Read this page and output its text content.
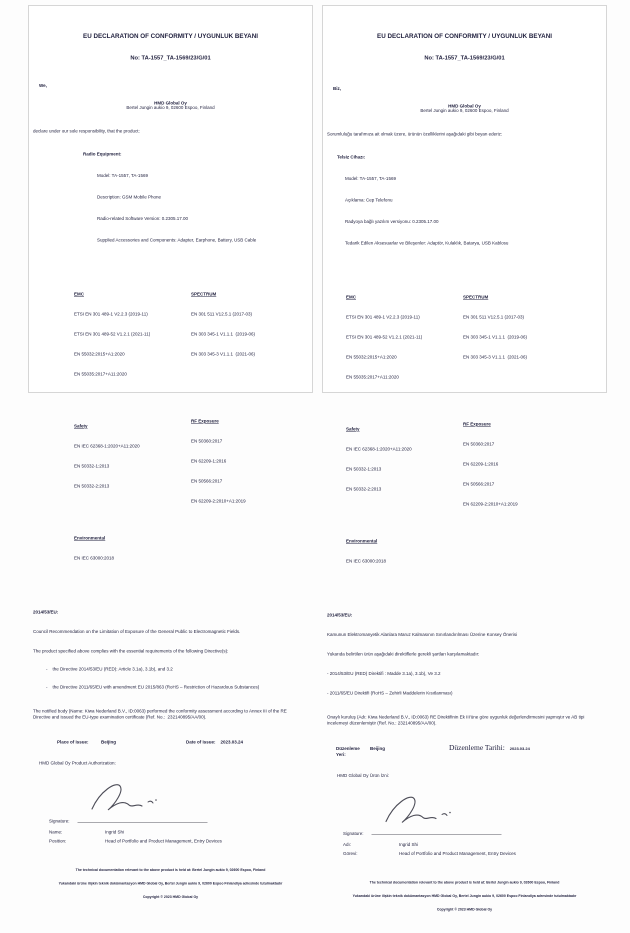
EU DECLARATION OF CONFORMITY / UYGUNLUK BEYANI

No: TA-1557_TA-1569/23/G/01

We,

HMD Global Oy

Bertel Jungin aukio 9, 02600 Espoo, Finland

declare under our sole responsibility, that the product:

Radio Equipment:

Model: TA-1557, TA-1569

Description: GSM Mobile Phone

Radio-related Software Version: 0.2305.17.00

Supplied Accessories and Components: Adapter, Earphone, Battery, USB Cable

EMC

ETSI EN 301 489-1 V2.2.3 (2019-11)

ETSI EN 301 489-52 V1.2.1 (2021-11)

EN 55032:2015+A1:2020

EN 55035:2017+A11:2020

Safety

EN IEC 62368-1:2020+A11:2020

EN 50332-1:2013

EN 50332-2:2013

Environmental

EN IEC 63000:2018

SPECTRUM

EN 301 511 V12.5.1 (2017-03)

EN 303 345-1 V1.1.1  (2019-06)

EN 303 345-3 V1.1.1  (2021-06)

RF Exposure

EN 50360:2017

EN 62209-1:2016

EN 50566:2017

EN 62209-2:2010+A1:2019

2014/53/EU:

Council Recommendation on the Limitation of Exposure of the General Public to Electromagnetic Fields.

The product specified above complies with the essential requirements of the following Directive(s):

-    the Directive 2014/53/EU (RED): Article 3.1a), 3.1b), and 3.2

-    the Directive 2011/65/EU with amendment EU 2015/863 (RoHS – Restriction of Hazardous Substances)

The notified body (Name: Kiwa Nederland B.V., ID:0063) performed the conformity assessment according to Annex III of the RE Directive and issued the EU-type examination certificate (Ref. No.:  232140895/AA/00).

Place of Issue:	Beijing	Date of Issue: 2023.03.24

HMD Global Oy Product Authorization:

Signature:

Name:	Ingrid Shi

Position:	Head of Portfolio and Product Management, Entry Devices

The technical documentation relevant to the above product is held at: Bertel Jungin aukio 9, 02600 Espoo, Finland

Yukarıdaki ürüne ilişkin teknik dokümantasyon HMD Global Oy, Bertel Jungin aukio 9, 02600 Espoo Finlandiya adresinde tutulmaktadır

Copyright © 2023 HMD Global Oy

EU DECLARATION OF CONFORMITY / UYGUNLUK BEYANI

No: TA-1557_TA-1569/23/G/01

Biz,

HMD Global Oy

Bertel Jungin aukio 9, 02600 Espoo, Finland

Sorumluluğu tarafımıza ait olmak üzere, ürünün özelliklerini aşağıdaki gibi beyan ederiz:

Telsiz Cihazı:

Model: TA-1557, TA-1569

Açıklama: Cep Telefonu

Radyoya bağlı yazılım versiyonu: 0.2305.17.00

Tedarik Edilen Aksesuarlar ve Bileşenler: Adaptör, Kulaklık, Batarya, USB Kablosu

EMC

ETSI EN 301 489-1 V2.2.3 (2019-11)

ETSI EN 301 489-52 V1.2.1 (2021-11)

EN 55032:2015+A1:2020

EN 55035:2017+A11:2020

Safety

EN IEC 62368-1:2020+A11:2020

EN 50332-1:2013

EN 50332-2:2013

Environmental

EN IEC 63000:2018

SPECTRUM

EN 301 511 V12.5.1 (2017-03)

EN 303 345-1 V1.1.1  (2019-06)

EN 303 345-3 V1.1.1  (2021-06)

RF Exposure

EN 50360:2017

EN 62209-1:2016

EN 50566:2017

EN 62209-2:2010+A1:2019

2014/53/EU:

Kamunun Elektromanyetik Alanlara Maruz Kalmasının Sınırlandırılması Üzerine Konsey Önerisi

Yukarıda belirtilen ürün aşağıdaki direktiflerle gerekli şartları karşılamaktadır:

- 2014/53/EU (RED) Direktifi : Madde 3.1a), 3.1b), Ve 3.2

- 2011/65/EU Direktifi (RoHS – Zehirli Maddelerin Kısıtlanması)

Onaylı kuruluş (Adı: Kiwa Nederland B.V., ID:0063) RE Direktifinin Ek III'üne göre uygunluk değerlendirmesini yapmıştır ve AB tipi incelemeyi düzenlemiştir (Ref. No.: 232140895/AA/00).

Düzenleme Yeri:
Beijing	Düzenleme Tarihi: 2023.03.24

HMD Global Oy Ürün İzni:

Signature:

Adı:	Ingrid Shi

Görevi:	Head of Portfolio and Product Management, Entry Devices

The technical documentation relevant to the above product is held at: Bertel Jungin aukio 9, 02600 Espoo, Finland

Yukarıdaki ürüne ilişkin teknik dokümantasyon HMD Global Oy, Bertel Jungin aukio 9, 02600 Espoo Finlandiya adresinde tutulmaktadır

Copyright © 2023 HMD Global Oy
